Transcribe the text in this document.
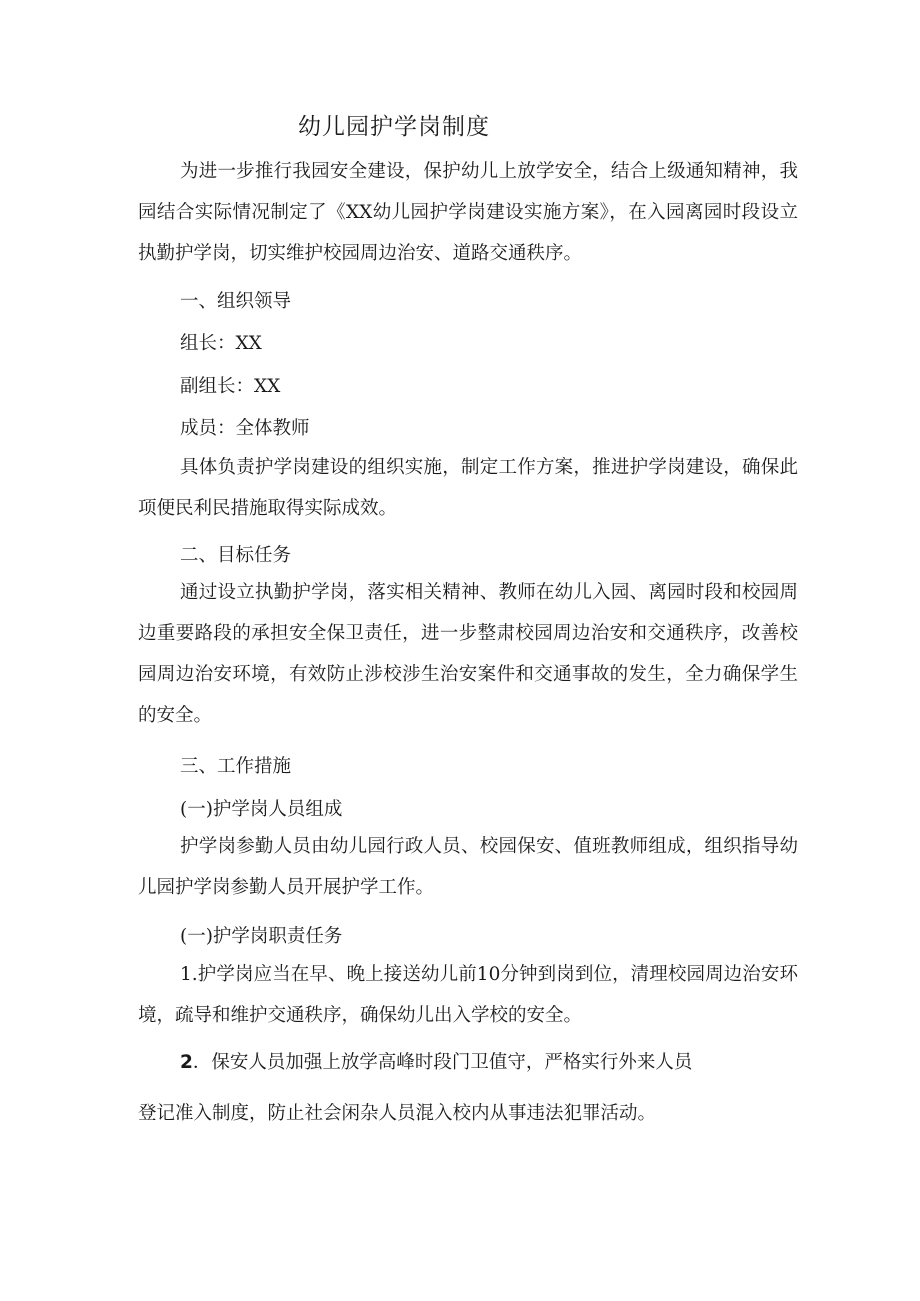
幼儿园护学岗制度

为进一步推行我园安全建设，保护幼儿上放学安全，结合上级通知精神，我园结合实际情况制定了《XX幼儿园护学岗建设实施方案》，在入园离园时段设立执勤护学岗，切实维护校园周边治安、道路交通秩序。

一、组织领导

组长：XX

副组长：XX

成员：全体教师

具体负责护学岗建设的组织实施，制定工作方案，推进护学岗建设，确保此项便民利民措施取得实际成效。

二、目标任务

通过设立执勤护学岗，落实相关精神、教师在幼儿入园、离园时段和校园周边重要路段的承担安全保卫责任，进一步整肃校园周边治安和交通秩序，改善校园周边治安环境，有效防止涉校涉生治安案件和交通事故的发生，全力确保学生的安全。

三、工作措施

(一)护学岗人员组成

护学岗参勤人员由幼儿园行政人员、校园保安、值班教师组成，组织指导幼儿园护学岗参勤人员开展护学工作。

(一)护学岗职责任务

1.护学岗应当在早、晚上接送幼儿前10分钟到岗到位，清理校园周边治安环境，疏导和维护交通秩序，确保幼儿出入学校的安全。

2．保安人员加强上放学高峰时段门卫值守，严格实行外来人员

登记准入制度，防止社会闲杂人员混入校内从事违法犯罪活动。
